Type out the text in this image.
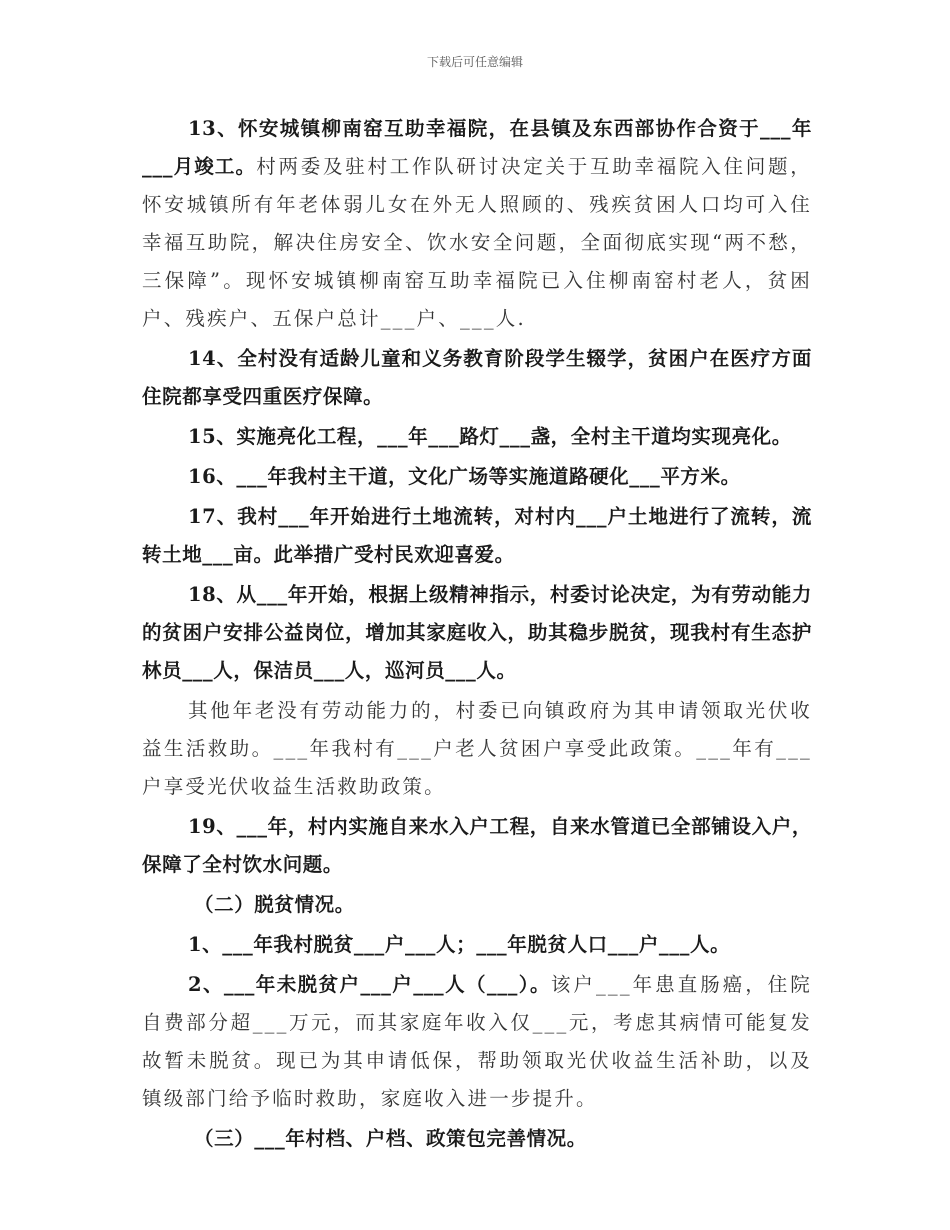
下载后可任意编辑

13、怀安城镇柳南窑互助幸福院，在县镇及东西部协作合资于___年___月竣工。村两委及驻村工作队研讨决定关于互助幸福院入住问题，怀安城镇所有年老体弱儿女在外无人照顾的、残疾贫困人口均可入住幸福互助院，解决住房安全、饮水安全问题，全面彻底实现“两不愁，三保障”。现怀安城镇柳南窑互助幸福院已入住柳南窑村老人，贫困户、残疾户、五保户总计___户、___人.

14、全村没有适龄儿童和义务教育阶段学生辍学，贫困户在医疗方面住院都享受四重医疗保障。

15、实施亮化工程，___年___路灯___盏，全村主干道均实现亮化。

16、___年我村主干道，文化广场等实施道路硬化___平方米。

17、我村___年开始进行土地流转，对村内___户土地进行了流转，流转土地___亩。此举措广受村民欢迎喜爱。

18、从___年开始，根据上级精神指示，村委讨论决定，为有劳动能力的贫困户安排公益岗位，增加其家庭收入，助其稳步脱贫，现我村有生态护林员___人，保洁员___人，巡河员___人。

其他年老没有劳动能力的，村委已向镇政府为其申请领取光伏收益生活救助。___年我村有___户老人贫困户享受此政策。___年有___户享受光伏收益生活救助政策。

19、___年，村内实施自来水入户工程，自来水管道已全部铺设入户，保障了全村饮水问题。

（二）脱贫情况。

1、___年我村脱贫___户___人；___年脱贫人口___户___人。

2、___年未脱贫户___户___人（___）。该户___年患直肠癌，住院自费部分超___万元，而其家庭年收入仅___元，考虑其病情可能复发故暂未脱贫。现已为其申请低保，帮助领取光伏收益生活补助，以及镇级部门给予临时救助，家庭收入进一步提升。

（三）___年村档、户档、政策包完善情况。
